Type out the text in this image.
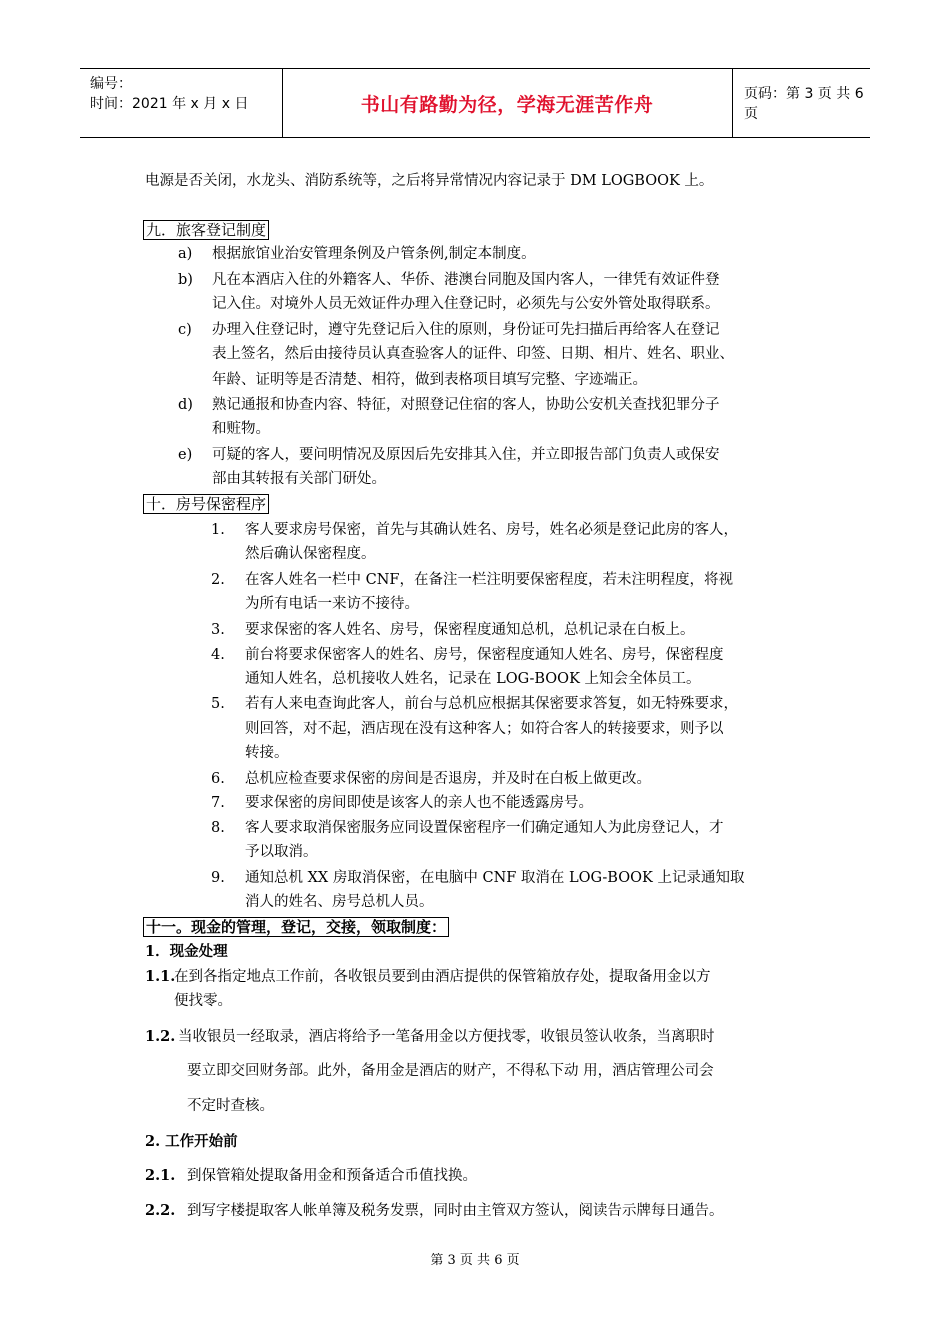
编号：
时间：2021 年 x 月 x 日	书山有路勤为径，学海无涯苦作舟	页码：第 3 页 共 6 页
电源是否关闭，水龙头、消防系统等，之后将异常情况内容记录于 DM LOGBOOK 上。
九．旅客登记制度
a) 根据旅馆业治安管理条例及户管条例,制定本制度。
b) 凡在本酒店入住的外籍客人、华侨、港澳台同胞及国内客人，一律凭有效证件登
记入住。对境外人员无效证件办理入住登记时，必须先与公安外管处取得联系。
c) 办理入住登记时，遵守先登记后入住的原则，身份证可先扫描后再给客人在登记
表上签名，然后由接待员认真查验客人的证件、印签、日期、相片、姓名、职业、
年龄、证明等是否清楚、相符，做到表格项目填写完整、字迹端正。
d) 熟记通报和协查内容、特征，对照登记住宿的客人，协助公安机关查找犯罪分子
和赃物。
e) 可疑的客人，要问明情况及原因后先安排其入住，并立即报告部门负责人或保安
部由其转报有关部门研处。
十．房号保密程序
1. 客人要求房号保密，首先与其确认姓名、房号，姓名必须是登记此房的客人，
然后确认保密程度。
2. 在客人姓名一栏中 CNF，在备注一栏注明要保密程度，若未注明程度，将视
为所有电话一来访不接待。
3. 要求保密的客人姓名、房号，保密程度通知总机，总机记录在白板上。
4. 前台将要求保密客人的姓名、房号，保密程度通知人姓名、房号，保密程度
通知人姓名，总机接收人姓名，记录在 LOG-BOOK 上知会全体员工。
5. 若有人来电查询此客人，前台与总机应根据其保密要求答复，如无特殊要求，
则回答，对不起，酒店现在没有这种客人；如符合客人的转接要求，则予以
转接。
6. 总机应检查要求保密的房间是否退房，并及时在白板上做更改。
7. 要求保密的房间即使是该客人的亲人也不能透露房号。
8. 客人要求取消保密服务应同设置保密程序一们确定通知人为此房登记人，才
予以取消。
9. 通知总机 XX 房取消保密，在电脑中 CNF 取消在 LOG-BOOK 上记录通知取
消人的姓名、房号总机人员。
十一。现金的管理，登记，交接，领取制度：
1．现金处理
1.1.
在到各指定地点工作前，各收银员要到由酒店提供的保管箱放存处，提取备用金以方
便找零。
1.2. 当收银员一经取录，酒店将给予一笔备用金以方便找零，收银员签认收条，当离职时
要立即交回财务部。此外，备用金是酒店的财产，不得私下动 用，酒店管理公司会
不定时查核。
2. 工作开始前
2.1. 到保管箱处提取备用金和预备适合币值找换。
2.2. 到写字楼提取客人帐单簿及税务发票，同时由主管双方签认，阅读告示牌每日通告。
第 3 页 共 6 页
